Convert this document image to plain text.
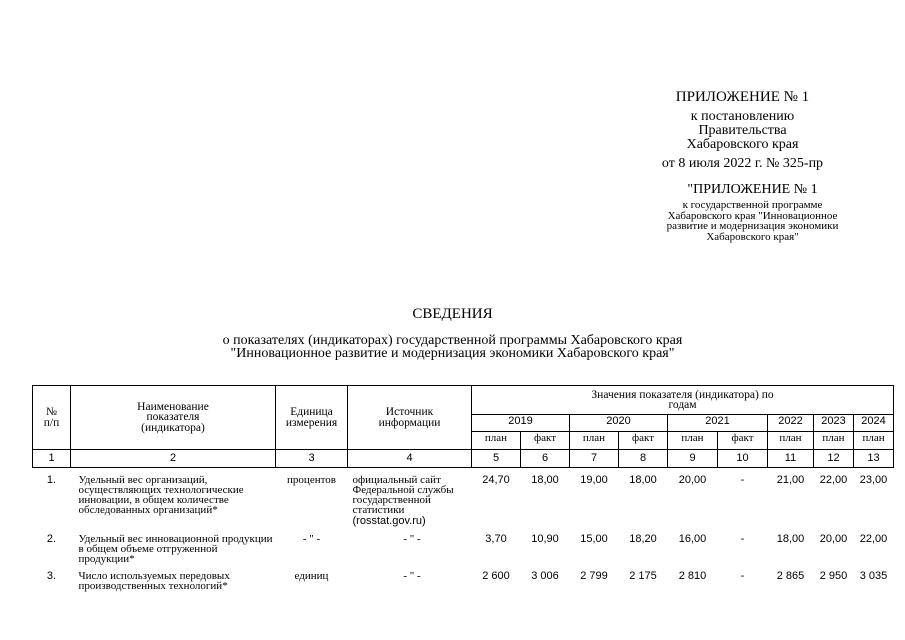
ПРИЛОЖЕНИЕ № 1
к постановлению
Правительства
Хабаровского края
от 8 июля 2022 г. № 325-пр
"ПРИЛОЖЕНИЕ № 1
к государственной программе
Хабаровского края "Инновационное
развитие и модернизация экономики
Хабаровского края"
СВЕДЕНИЯ
о показателях (индикаторах) государственной программы Хабаровского края
"Инновационное развитие и модернизация экономики Хабаровского края"
№ п/п	Наименование показателя (индикатора)	Единица измерения	Источник информации	Значения показателя (индикатора) по годам								

				2019		2020		2021		2022	2023	2024
				план	факт	план	факт	план	факт	план	план	план
1	2	3	4	5	6	7	8	9	10	11	12	13
1.	Удельный вес организаций, осуществляющих технологические инновации, в общем количестве обследованных организаций*	процентов	официальный сайт Федеральной службы государственной статистики
(rosstat.gov.ru)	24,70	18,00	19,00	18,00	20,00	-	21,00	22,00	23,00
2.	Удельный вес инновационной продукции в общем объеме отгруженной продукции*	- " -	- " -	3,70	10,90	15,00	18,20	16,00	-	18,00	20,00	22,00
3.	Число используемых передовых производственных технологий*	единиц	- " -	2 600	3 006	2 799	2 175	2 810	-	2 865	2 950	3 035
